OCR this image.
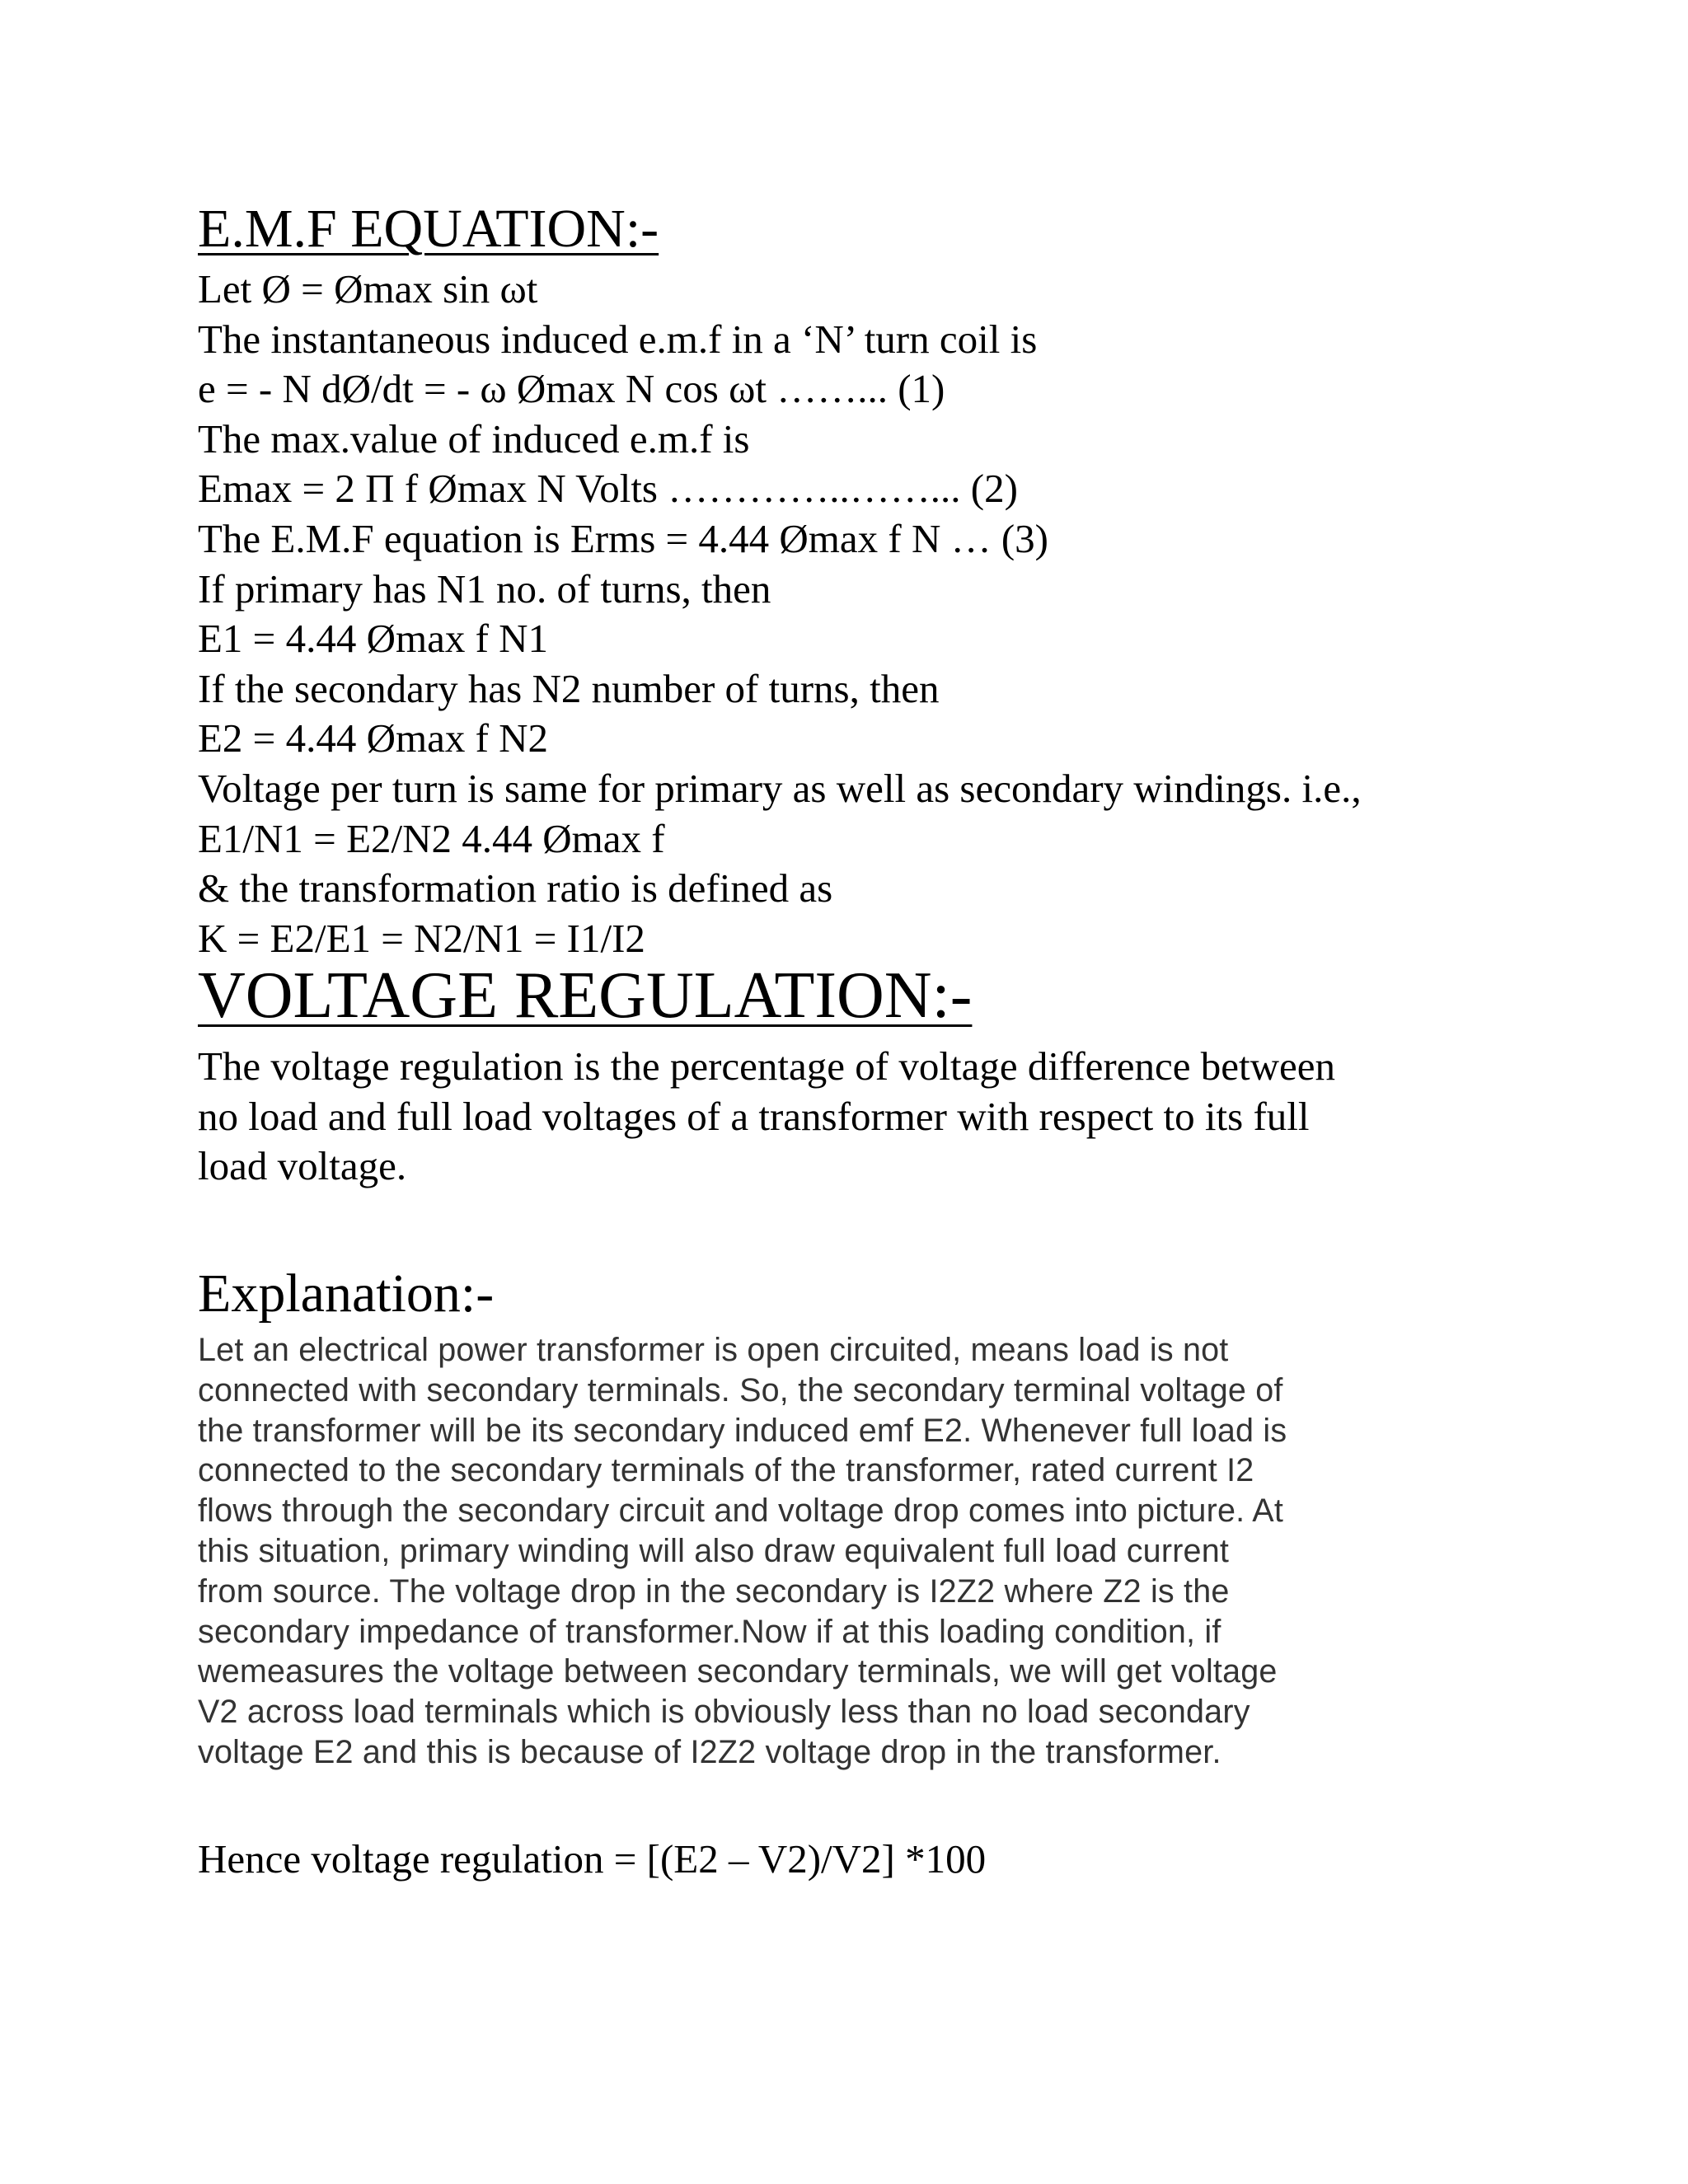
E.M.F EQUATION:-
Let Ø = Ømax sin ωt
The instantaneous induced e.m.f in a ‘N’ turn coil is
e = - N dØ/dt = - ω Ømax N cos ωt ……... (1)
The max.value of induced e.m.f is
Emax = 2 Π f Ømax N Volts …………..……... (2)
The E.M.F equation is Erms = 4.44 Ømax f N … (3)
If primary has N1 no. of turns, then
E1 = 4.44 Ømax f N1
If the secondary has N2 number of turns, then
E2 = 4.44 Ømax f N2
Voltage per turn is same for primary as well as secondary windings. i.e.,
E1/N1 = E2/N2 4.44 Ømax f
& the transformation ratio is defined as
K = E2/E1 = N2/N1 = I1/I2
VOLTAGE REGULATION:-
The voltage regulation is the percentage of voltage difference between
no load and full load voltages of a transformer with respect to its full
load voltage.
Explanation:-
Let an electrical power transformer is open circuited, means load is not
connected with secondary terminals. So, the secondary terminal voltage of
the transformer will be its secondary induced emf E2. Whenever full load is
connected to the secondary terminals of the transformer, rated current I2
flows through the secondary circuit and voltage drop comes into picture. At
this situation, primary winding will also draw equivalent full load current
from source. The voltage drop in the secondary is I2Z2 where Z2 is the
secondary impedance of transformer.Now if at this loading condition, if
wemeasures the voltage between secondary terminals, we will get voltage
V2 across load terminals which is obviously less than no load secondary
voltage E2 and this is because of I2Z2 voltage drop in the transformer.
Hence voltage regulation = [(E2 – V2)/V2] *100
